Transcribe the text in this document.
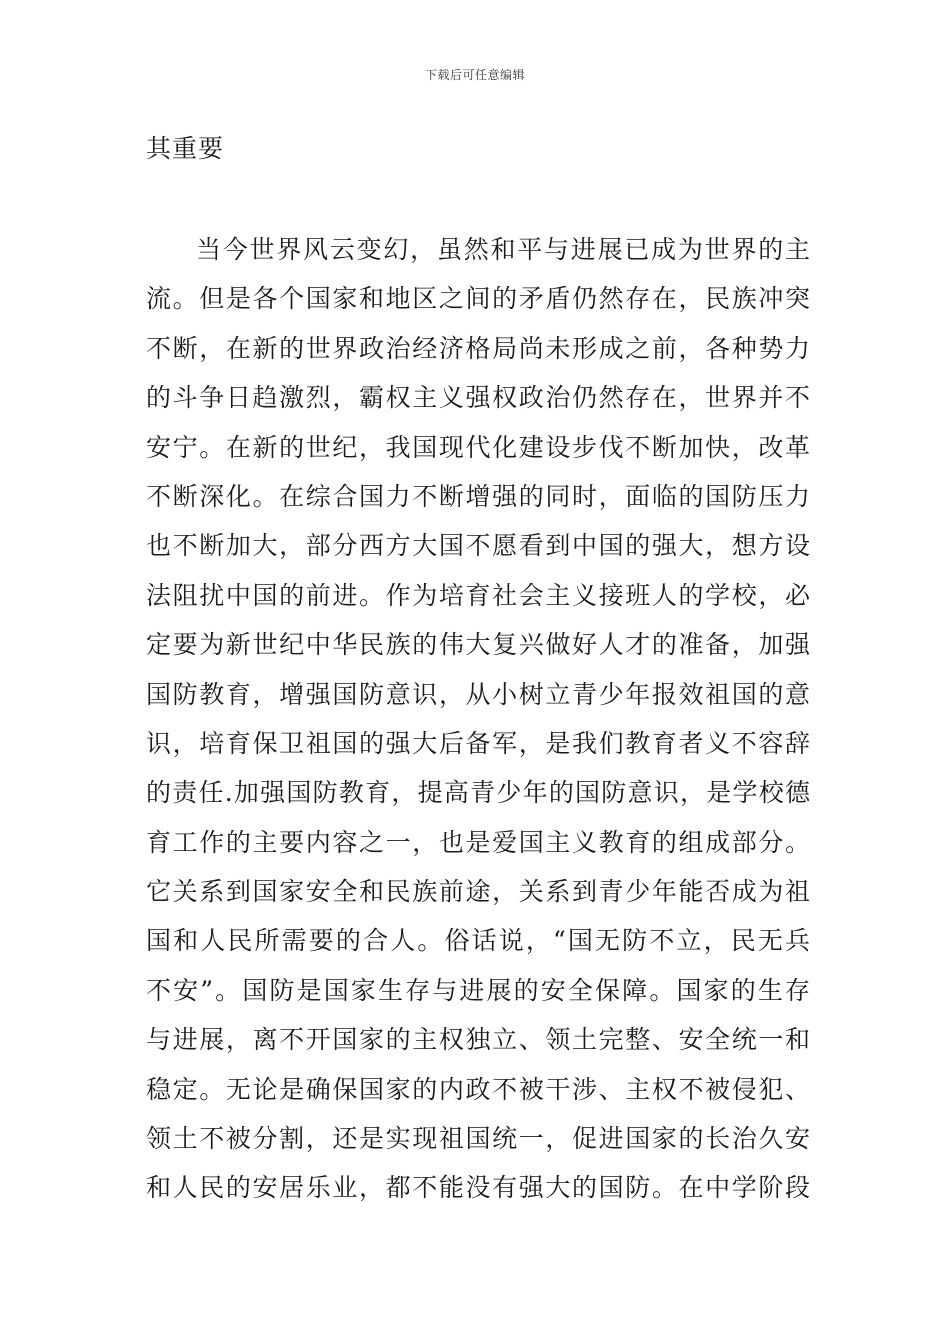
下载后可任意编辑
其重要
当今世界风云变幻，虽然和平与进展已成为世界的主
流。但是各个国家和地区之间的矛盾仍然存在，民族冲突
不断，在新的世界政治经济格局尚未形成之前，各种势力
的斗争日趋激烈，霸权主义强权政治仍然存在，世界并不
安宁。在新的世纪，我国现代化建设步伐不断加快，改革
不断深化。在综合国力不断增强的同时，面临的国防压力
也不断加大，部分西方大国不愿看到中国的强大，想方设
法阻扰中国的前进。作为培育社会主义接班人的学校，必
定要为新世纪中华民族的伟大复兴做好人才的准备，加强
国防教育，增强国防意识，从小树立青少年报效祖国的意
识，培育保卫祖国的强大后备军，是我们教育者义不容辞
的责任.加强国防教育，提高青少年的国防意识，是学校德
育工作的主要内容之一，也是爱国主义教育的组成部分。
它关系到国家安全和民族前途，关系到青少年能否成为祖
国和人民所需要的合人。俗话说，“国无防不立，民无兵
不安”。国防是国家生存与进展的安全保障。国家的生存
与进展，离不开国家的主权独立、领土完整、安全统一和
稳定。无论是确保国家的内政不被干涉、主权不被侵犯、
领土不被分割，还是实现祖国统一，促进国家的长治久安
和人民的安居乐业，都不能没有强大的国防。在中学阶段
